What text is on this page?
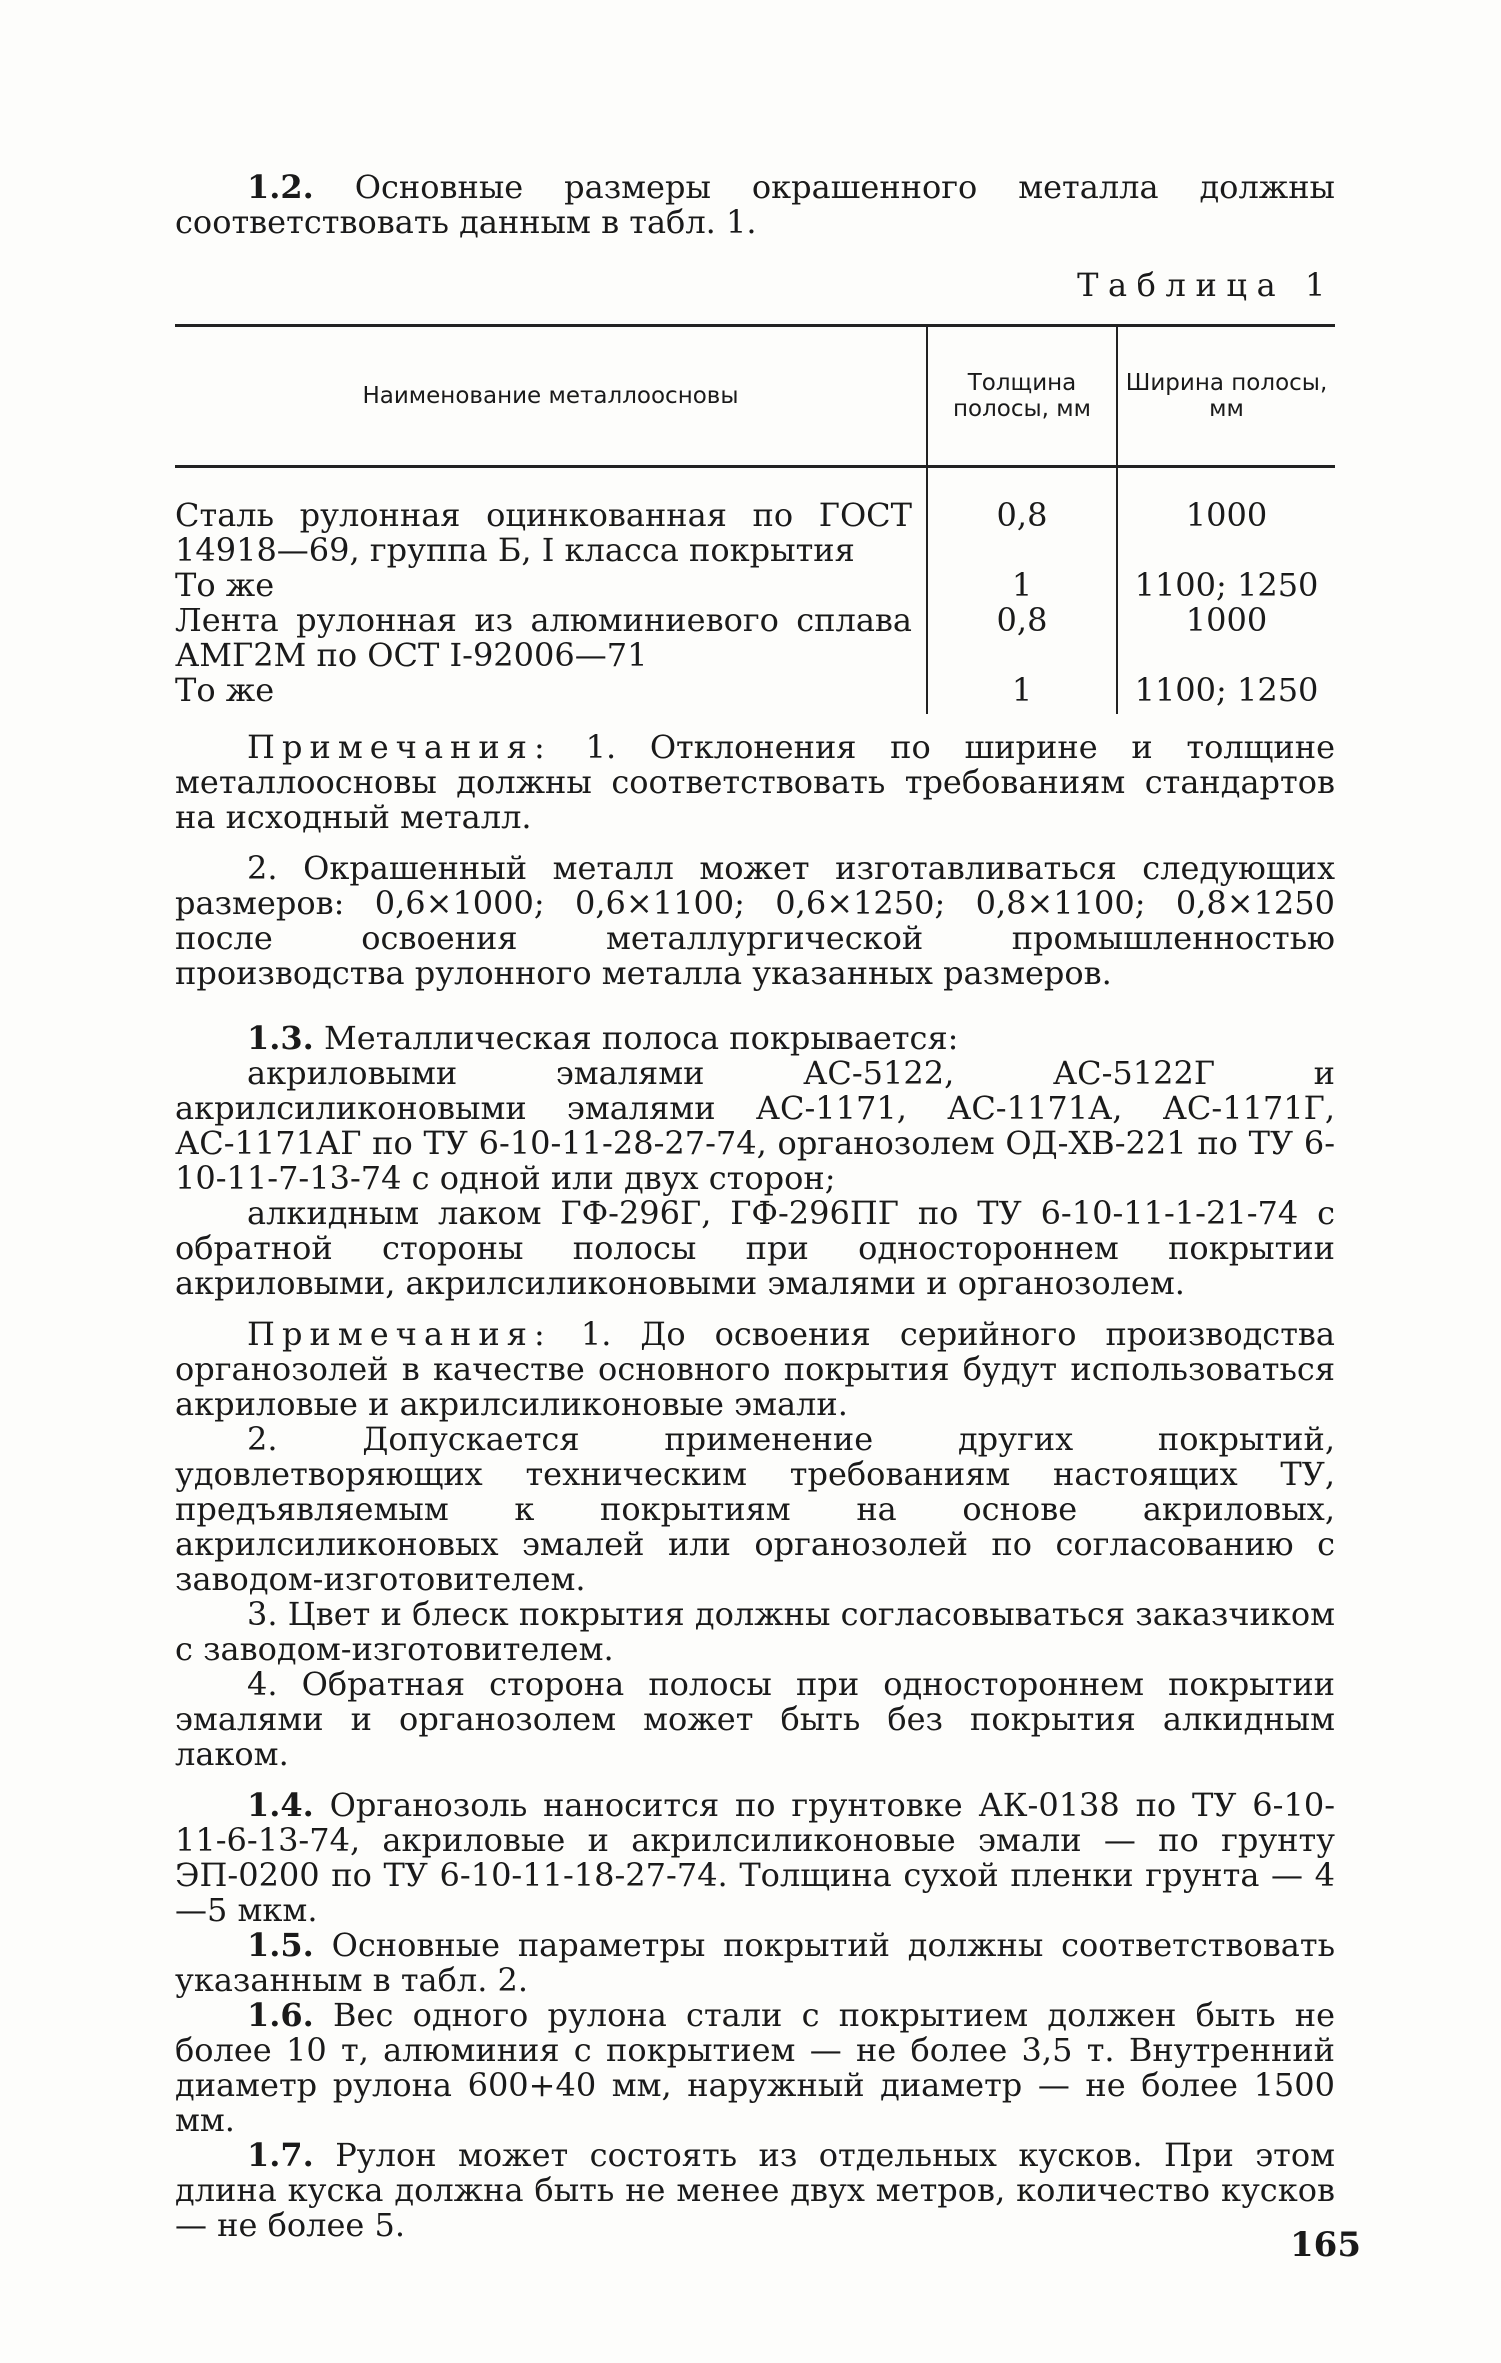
1.2. Основные размеры окрашенного металла должны соответствовать данным в табл. 1.

Таблица 1
Наименование металлоосновы	Толщина полосы, мм	Ширина полосы, мм
Сталь рулонная оцинкованная по ГОСТ 14918—69, группа Б, I класса покрытия	0,8	1000
То же	1	1100; 1250
Лента рулонная из алюминиевого сплава АМГ2М по ОСТ I-92006—71	0,8	1000
То же	1	1100; 1250

Примечания: 1. Отклонения по ширине и толщине металлоосновы должны соответствовать требованиям стандартов на исходный металл.

2. Окрашенный металл может изготавливаться следующих размеров: 0,6×1000; 0,6×1100; 0,6×1250; 0,8×1100; 0,8×1250 после освоения металлургической промышленностью производства рулонного металла указанных размеров.

1.3. Металлическая полоса покрывается:

акриловыми эмалями АС-5122, АС-5122Г и акрилсиликоновыми эмалями АС-1171, АС-1171А, АС-1171Г, АС-1171АГ по ТУ 6-10-11-28-27-74, органозолем ОД-ХВ-221 по ТУ 6-10-11-7-13-74 с одной или двух сторон;

алкидным лаком ГФ-296Г, ГФ-296ПГ по ТУ 6-10-11-1-21-74 с обратной стороны полосы при одностороннем покрытии акриловыми, акрилсиликоновыми эмалями и органозолем.

Примечания: 1. До освоения серийного производства органозолей в качестве основного покрытия будут использоваться акриловые и акрилсиликоновые эмали.

2. Допускается применение других покрытий, удовлетворяющих техническим требованиям настоящих ТУ, предъявляемым к покрытиям на основе акриловых, акрилсиликоновых эмалей или органозолей по согласованию с заводом-изготовителем.

3. Цвет и блеск покрытия должны согласовываться заказчиком с заводом-изготовителем.

4. Обратная сторона полосы при одностороннем покрытии эмалями и органозолем может быть без покрытия алкидным лаком.

1.4. Органозоль наносится по грунтовке АК-0138 по ТУ 6-10-11-6-13-74, акриловые и акрилсиликоновые эмали — по грунту ЭП-0200 по ТУ 6-10-11-18-27-74. Толщина сухой пленки грунта — 4—5 мкм.

1.5. Основные параметры покрытий должны соответствовать указанным в табл. 2.

1.6. Вес одного рулона стали с покрытием должен быть не более 10 т, алюминия с покрытием — не более 3,5 т. Внутренний диаметр рулона 600+40 мм, наружный диаметр — не более 1500 мм.

1.7. Рулон может состоять из отдельных кусков. При этом длина куска должна быть не менее двух метров, количество кусков — не более 5.	165
